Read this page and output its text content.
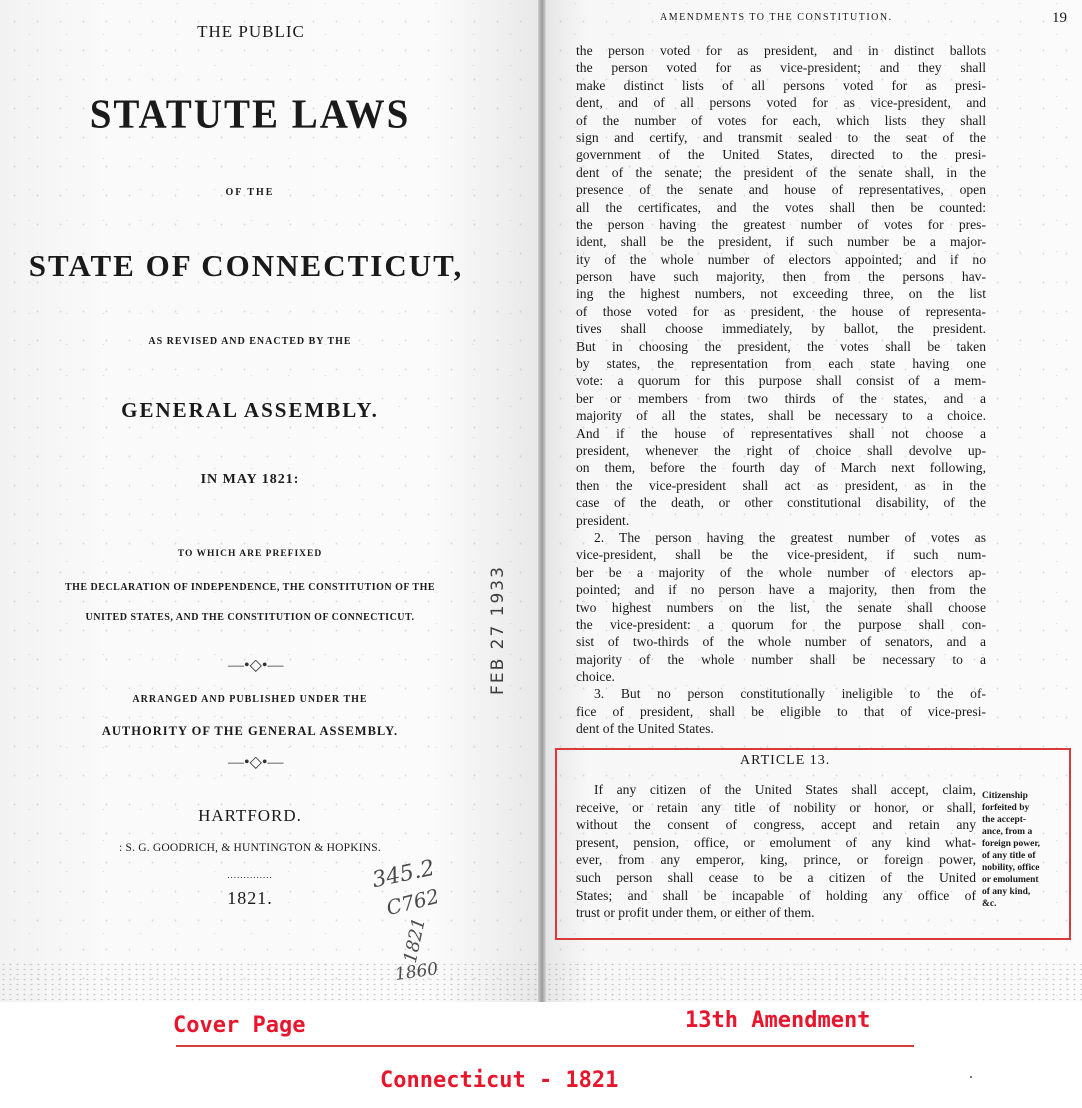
THE PUBLIC
STATUTE LAWS
OF THE
STATE OF CONNECTICUT,
AS REVISED AND ENACTED BY THE
GENERAL ASSEMBLY.
IN MAY 1821:
TO WHICH ARE PREFIXED
THE DECLARATION OF INDEPENDENCE, THE CONSTITUTION OF THE
UNITED STATES, AND THE CONSTITUTION OF CONNECTICUT.
—•◇•—
ARRANGED AND PUBLISHED UNDER THE
AUTHORITY OF THE GENERAL ASSEMBLY.
—•◇•—
HARTFORD.
: S. G. GOODRICH, & HUNTINGTON & HOPKINS.
..............
1821.
FEB 27 1933
345.2
C762
1821
1860
AMENDMENTS TO THE CONSTITUTION.	19
the person voted for as president, and in distinct ballots
the person voted for as vice-president; and they shall
make distinct lists of all persons voted for as presi-
dent, and of all persons voted for as vice-president, and
of the number of votes for each, which lists they shall
sign and certify, and transmit sealed to the seat of the
government of the United States, directed to the presi-
dent of the senate; the president of the senate shall, in the
presence of the senate and house of representatives, open
all the certificates, and the votes shall then be counted:
the person having the greatest number of votes for pres-
ident, shall be the president, if such number be a major-
ity of the whole number of electors appointed; and if no
person have such majority, then from the persons hav-
ing the highest numbers, not exceeding three, on the list
of those voted for as president, the house of representa-
tives shall choose immediately, by ballot, the president.
But in choosing the president, the votes shall be taken
by states, the representation from each state having one
vote: a quorum for this purpose shall consist of a mem-
ber or members from two thirds of the states, and a
majority of all the states, shall be necessary to a choice.
And if the house of representatives shall not choose a
president, whenever the right of choice shall devolve up-
on them, before the fourth day of March next following,
then the vice-president shall act as president, as in the
case of the death, or other constitutional disability, of the
president.
2. The person having the greatest number of votes as
vice-president, shall be the vice-president, if such num-
ber be a majority of the whole number of electors ap-
pointed; and if no person have a majority, then from the
two highest numbers on the list, the senate shall choose
the vice-president: a quorum for the purpose shall con-
sist of two-thirds of the whole number of senators, and a
majority of the whole number shall be necessary to a
choice.
3. But no person constitutionally ineligible to the of-
fice of president, shall be eligible to that of vice-presi-
dent of the United States.
ARTICLE 13.
If any citizen of the United States shall accept, claim,
receive, or retain any title of nobility or honor, or shall,
without the consent of congress, accept and retain any
present, pension, office, or emolument of any kind what-
ever, from any emperor, king, prince, or foreign power,
such person shall cease to be a citizen of the United
States; and shall be incapable of holding any office of
trust or profit under them, or either of them.
Citizenship
forfeited by
the accept-
ance, from a
foreign power,
of any title of
nobility, office
or emolument
of any kind,
&c.
Cover Page	13th Amendment
Connecticut - 1821
